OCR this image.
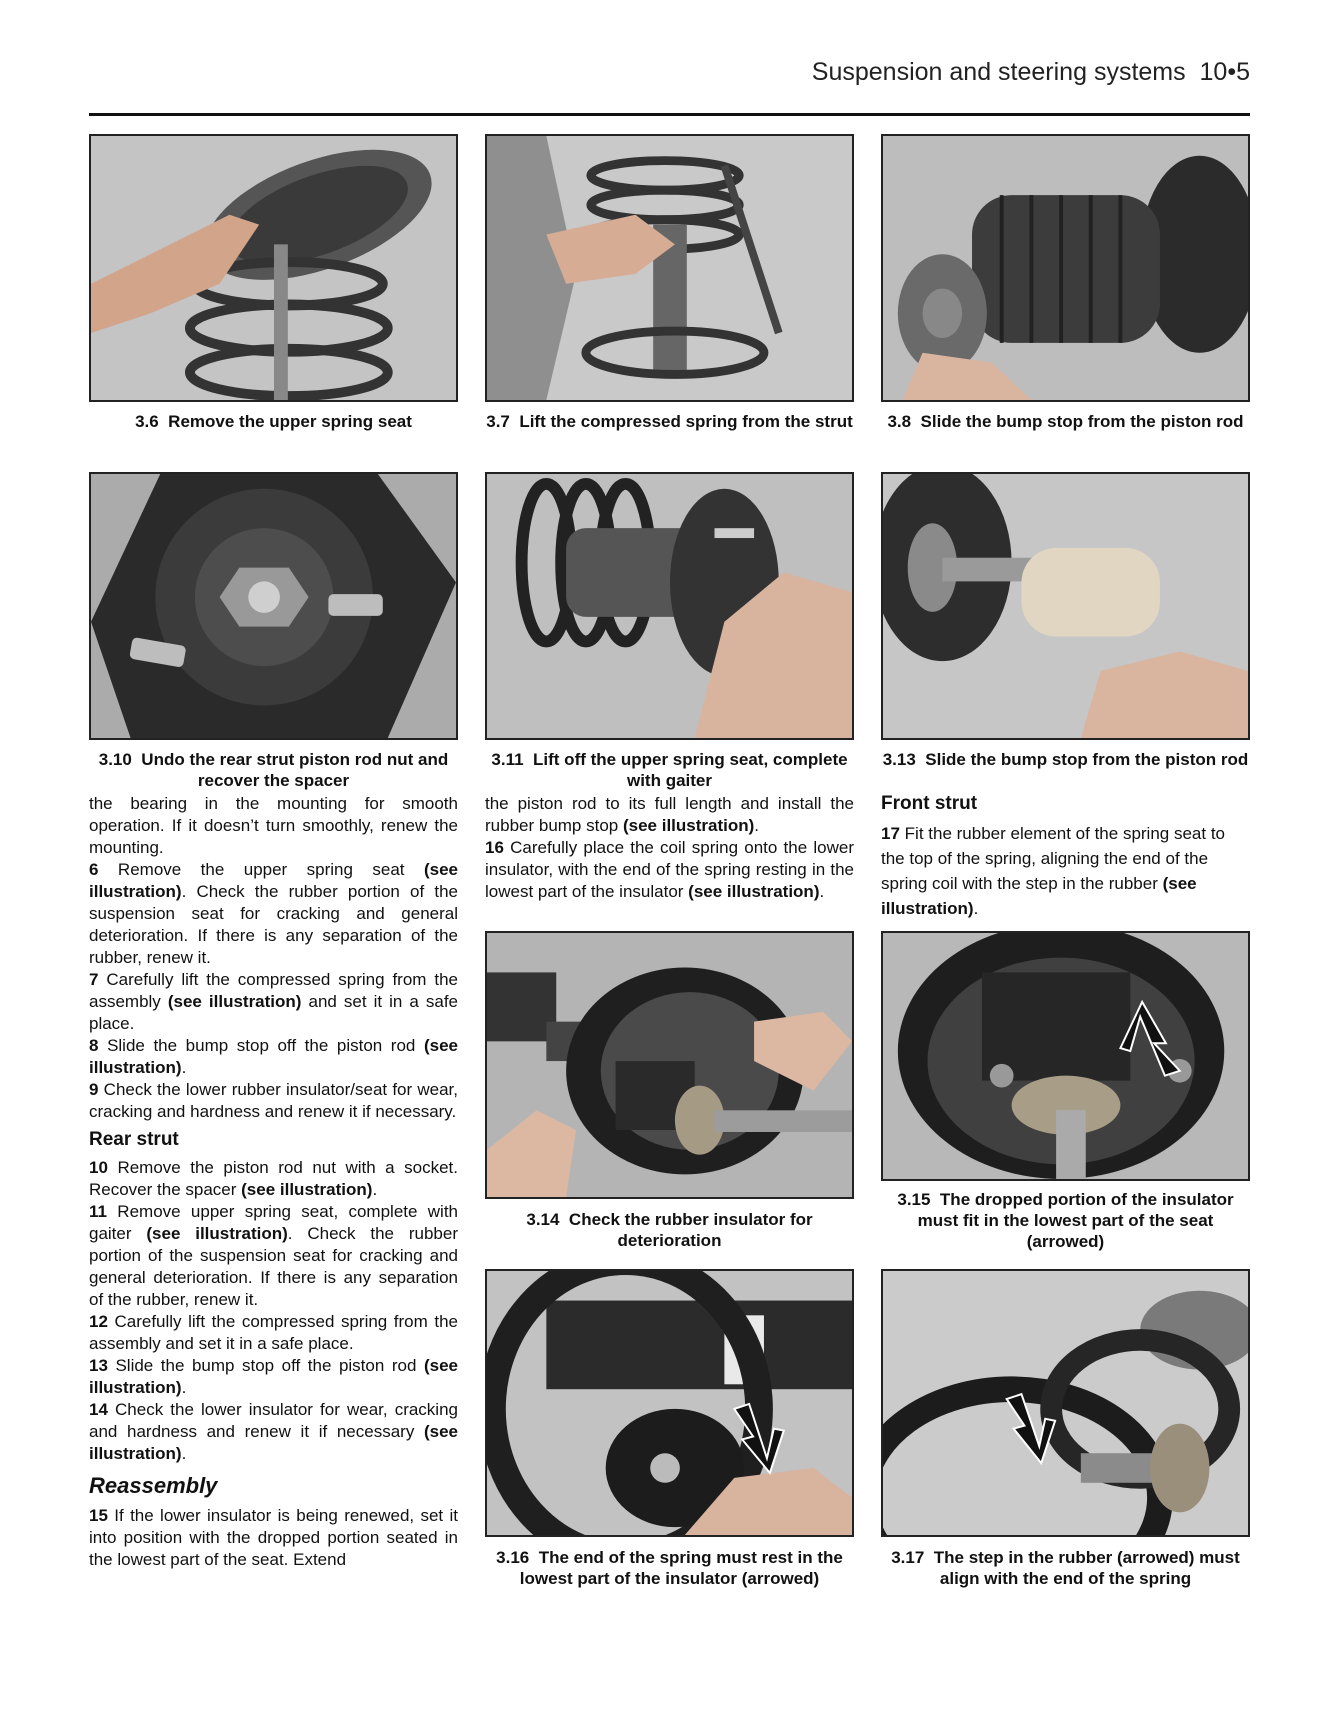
Suspension and steering systems 10•5
3.6 Remove the upper spring seat	3.7 Lift the compressed spring from the strut	3.8 Slide the bump stop from the piston rod
3.10 Undo the rear strut piston rod nut and recover the spacer
3.11 Lift off the upper spring seat, complete with gaiter
3.13 Slide the bump stop from the piston rod

the bearing in the mounting for smooth operation. If it doesn’t turn smoothly, renew the mounting.

6 Remove the upper spring seat (see illustration). Check the rubber portion of the suspension seat for cracking and general deterioration. If there is any separation of the rubber, renew it.

7 Carefully lift the compressed spring from the assembly (see illustration) and set it in a safe place.

8 Slide the bump stop off the piston rod (see illustration).

9 Check the lower rubber insulator/seat for wear, cracking and hardness and renew it if necessary.

Rear strut

10 Remove the piston rod nut with a socket. Recover the spacer (see illustration).

11 Remove upper spring seat, complete with gaiter (see illustration). Check the rubber portion of the suspension seat for cracking and general deterioration. If there is any separation of the rubber, renew it.

12 Carefully lift the compressed spring from the assembly and set it in a safe place.

13 Slide the bump stop off the piston rod (see illustration).

14 Check the lower insulator for wear, cracking and hardness and renew it if necessary (see illustration).

Reassembly

15 If the lower insulator is being renewed, set it into position with the dropped portion seated in the lowest part of the seat. Extend

the piston rod to its full length and install the rubber bump stop (see illustration).

16 Carefully place the coil spring onto the lower insulator, with the end of the spring resting in the lowest part of the insulator (see illustration).

Front strut

17 Fit the rubber element of the spring seat to the top of the spring, aligning the end of the spring coil with the step in the rubber (see illustration).

3.14 Check the rubber insulator for deterioration
3.15 The dropped portion of the insulator must fit in the lowest part of the seat (arrowed)
3.16 The end of the spring must rest in the lowest part of the insulator (arrowed)
3.17 The step in the rubber (arrowed) must align with the end of the spring
